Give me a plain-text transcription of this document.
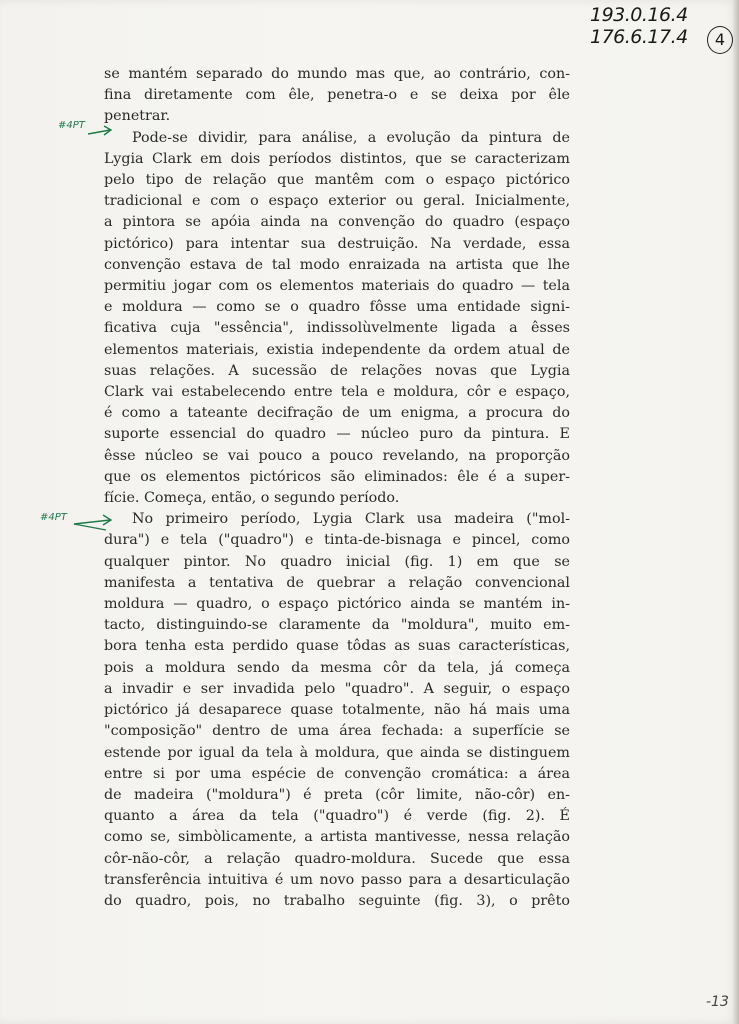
193.0.16.4
176.6.17.4	4
#4PT
#4PT
se mantém separado do mundo mas que, ao contrário, con-
fina diretamente com êle, penetra-o e se deixa por êle
penetrar.
Pode-se dividir, para análise, a evolução da pintura de
Lygia Clark em dois períodos distintos, que se caracterizam
pelo tipo de relação que mantêm com o espaço pictórico
tradicional e com o espaço exterior ou geral. Inicialmente,
a pintora se apóia ainda na convenção do quadro (espaço
pictórico) para intentar sua destruição. Na verdade, essa
convenção estava de tal modo enraizada na artista que lhe
permitiu jogar com os elementos materiais do quadro — tela
e moldura — como se o quadro fôsse uma entidade signi-
ficativa cuja "essência", indissolùvelmente ligada a êsses
elementos materiais, existia independente da ordem atual de
suas relações. A sucessão de relações novas que Lygia
Clark vai estabelecendo entre tela e moldura, côr e espaço,
é como a tateante decifração de um enigma, a procura do
suporte essencial do quadro — núcleo puro da pintura. E
êsse núcleo se vai pouco a pouco revelando, na proporção
que os elementos pictóricos são eliminados: êle é a super-
fície. Começa, então, o segundo período.
No primeiro período, Lygia Clark usa madeira ("mol-
dura") e tela ("quadro") e tinta-de-bisnaga e pincel, como
qualquer pintor. No quadro inicial (fig. 1) em que se
manifesta a tentativa de quebrar a relação convencional
moldura — quadro, o espaço pictórico ainda se mantém in-
tacto, distinguindo-se claramente da "moldura", muito em-
bora tenha esta perdido quase tôdas as suas características,
pois a moldura sendo da mesma côr da tela, já começa
a invadir e ser invadida pelo "quadro". A seguir, o espaço
pictórico já desaparece quase totalmente, não há mais uma
"composição" dentro de uma área fechada: a superfície se
estende por igual da tela à moldura, que ainda se distinguem
entre si por uma espécie de convenção cromática: a área
de madeira ("moldura") é preta (côr limite, não-côr) en-
quanto a área da tela ("quadro") é verde (fig. 2). É
como se, simbòlicamente, a artista mantivesse, nessa relação
côr-não-côr, a relação quadro-moldura. Sucede que essa
transferência intuitiva é um novo passo para a desarticulação
do quadro, pois, no trabalho seguinte (fig. 3), o prêto
-13
